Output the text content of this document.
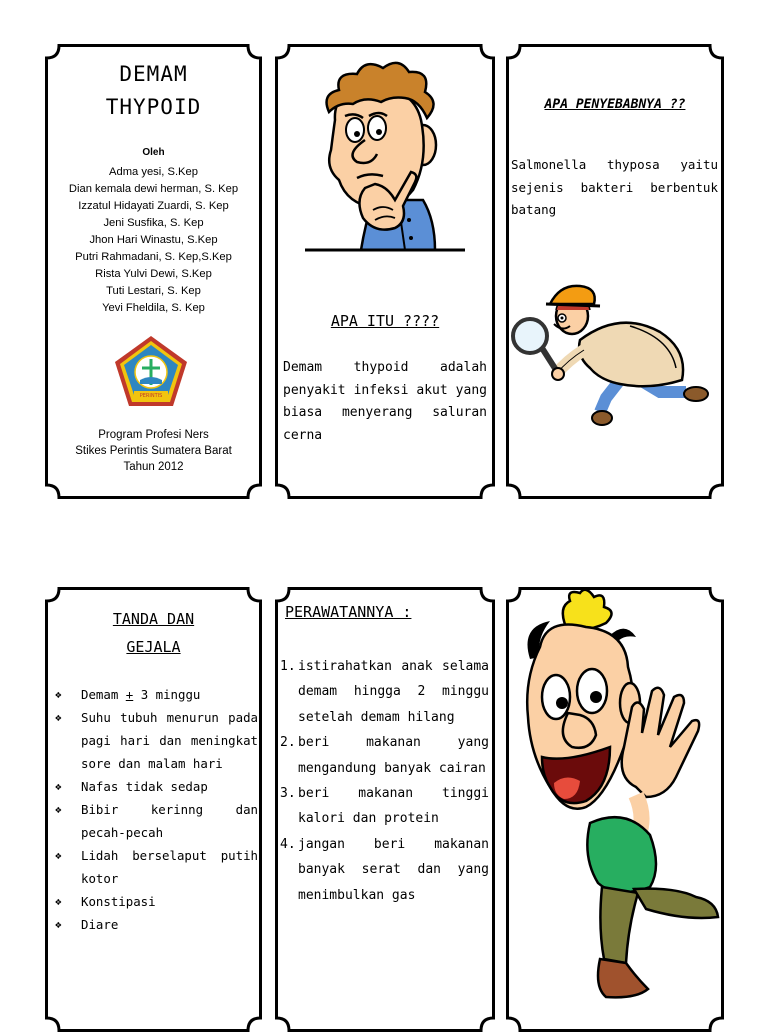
DEMAM
THYPOID
Oleh
Adma yesi, S.Kep
Dian kemala dewi herman, S. Kep
Izzatul Hidayati Zuardi, S. Kep
Jeni Susfika, S. Kep
Jhon Hari Winastu, S.Kep
Putri Rahmadani, S. Kep,S.Kep
Rista Yulvi Dewi, S.Kep
Tuti Lestari, S. Kep
Yevi Fheldila, S. Kep
PERINTIS
Program Profesi Ners
Stikes Perintis Sumatera Barat
Tahun 2012
APA ITU ????
Demam thypoid adalah penyakit infeksi akut yang biasa menyerang saluran cerna
APA PENYEBABNYA ??
Salmonella thyposa yaitu sejenis bakteri berbentuk batang
TANDA DAN
GEJALA
❖ Demam + 3 minggu
❖ Suhu tubuh menurun pada pagi hari dan meningkat sore dan malam hari
❖ Nafas tidak sedap
❖ Bibir kerinng dan pecah-pecah
❖ Lidah berselaput putih kotor
❖ Konstipasi
❖ Diare
PERAWATANNYA :
1. istirahatkan anak selama demam hingga 2 minggu setelah demam hilang
2. beri makanan yang mengandung banyak cairan
3. beri makanan tinggi kalori dan protein
4. jangan beri makanan banyak serat dan yang menimbulkan gas
